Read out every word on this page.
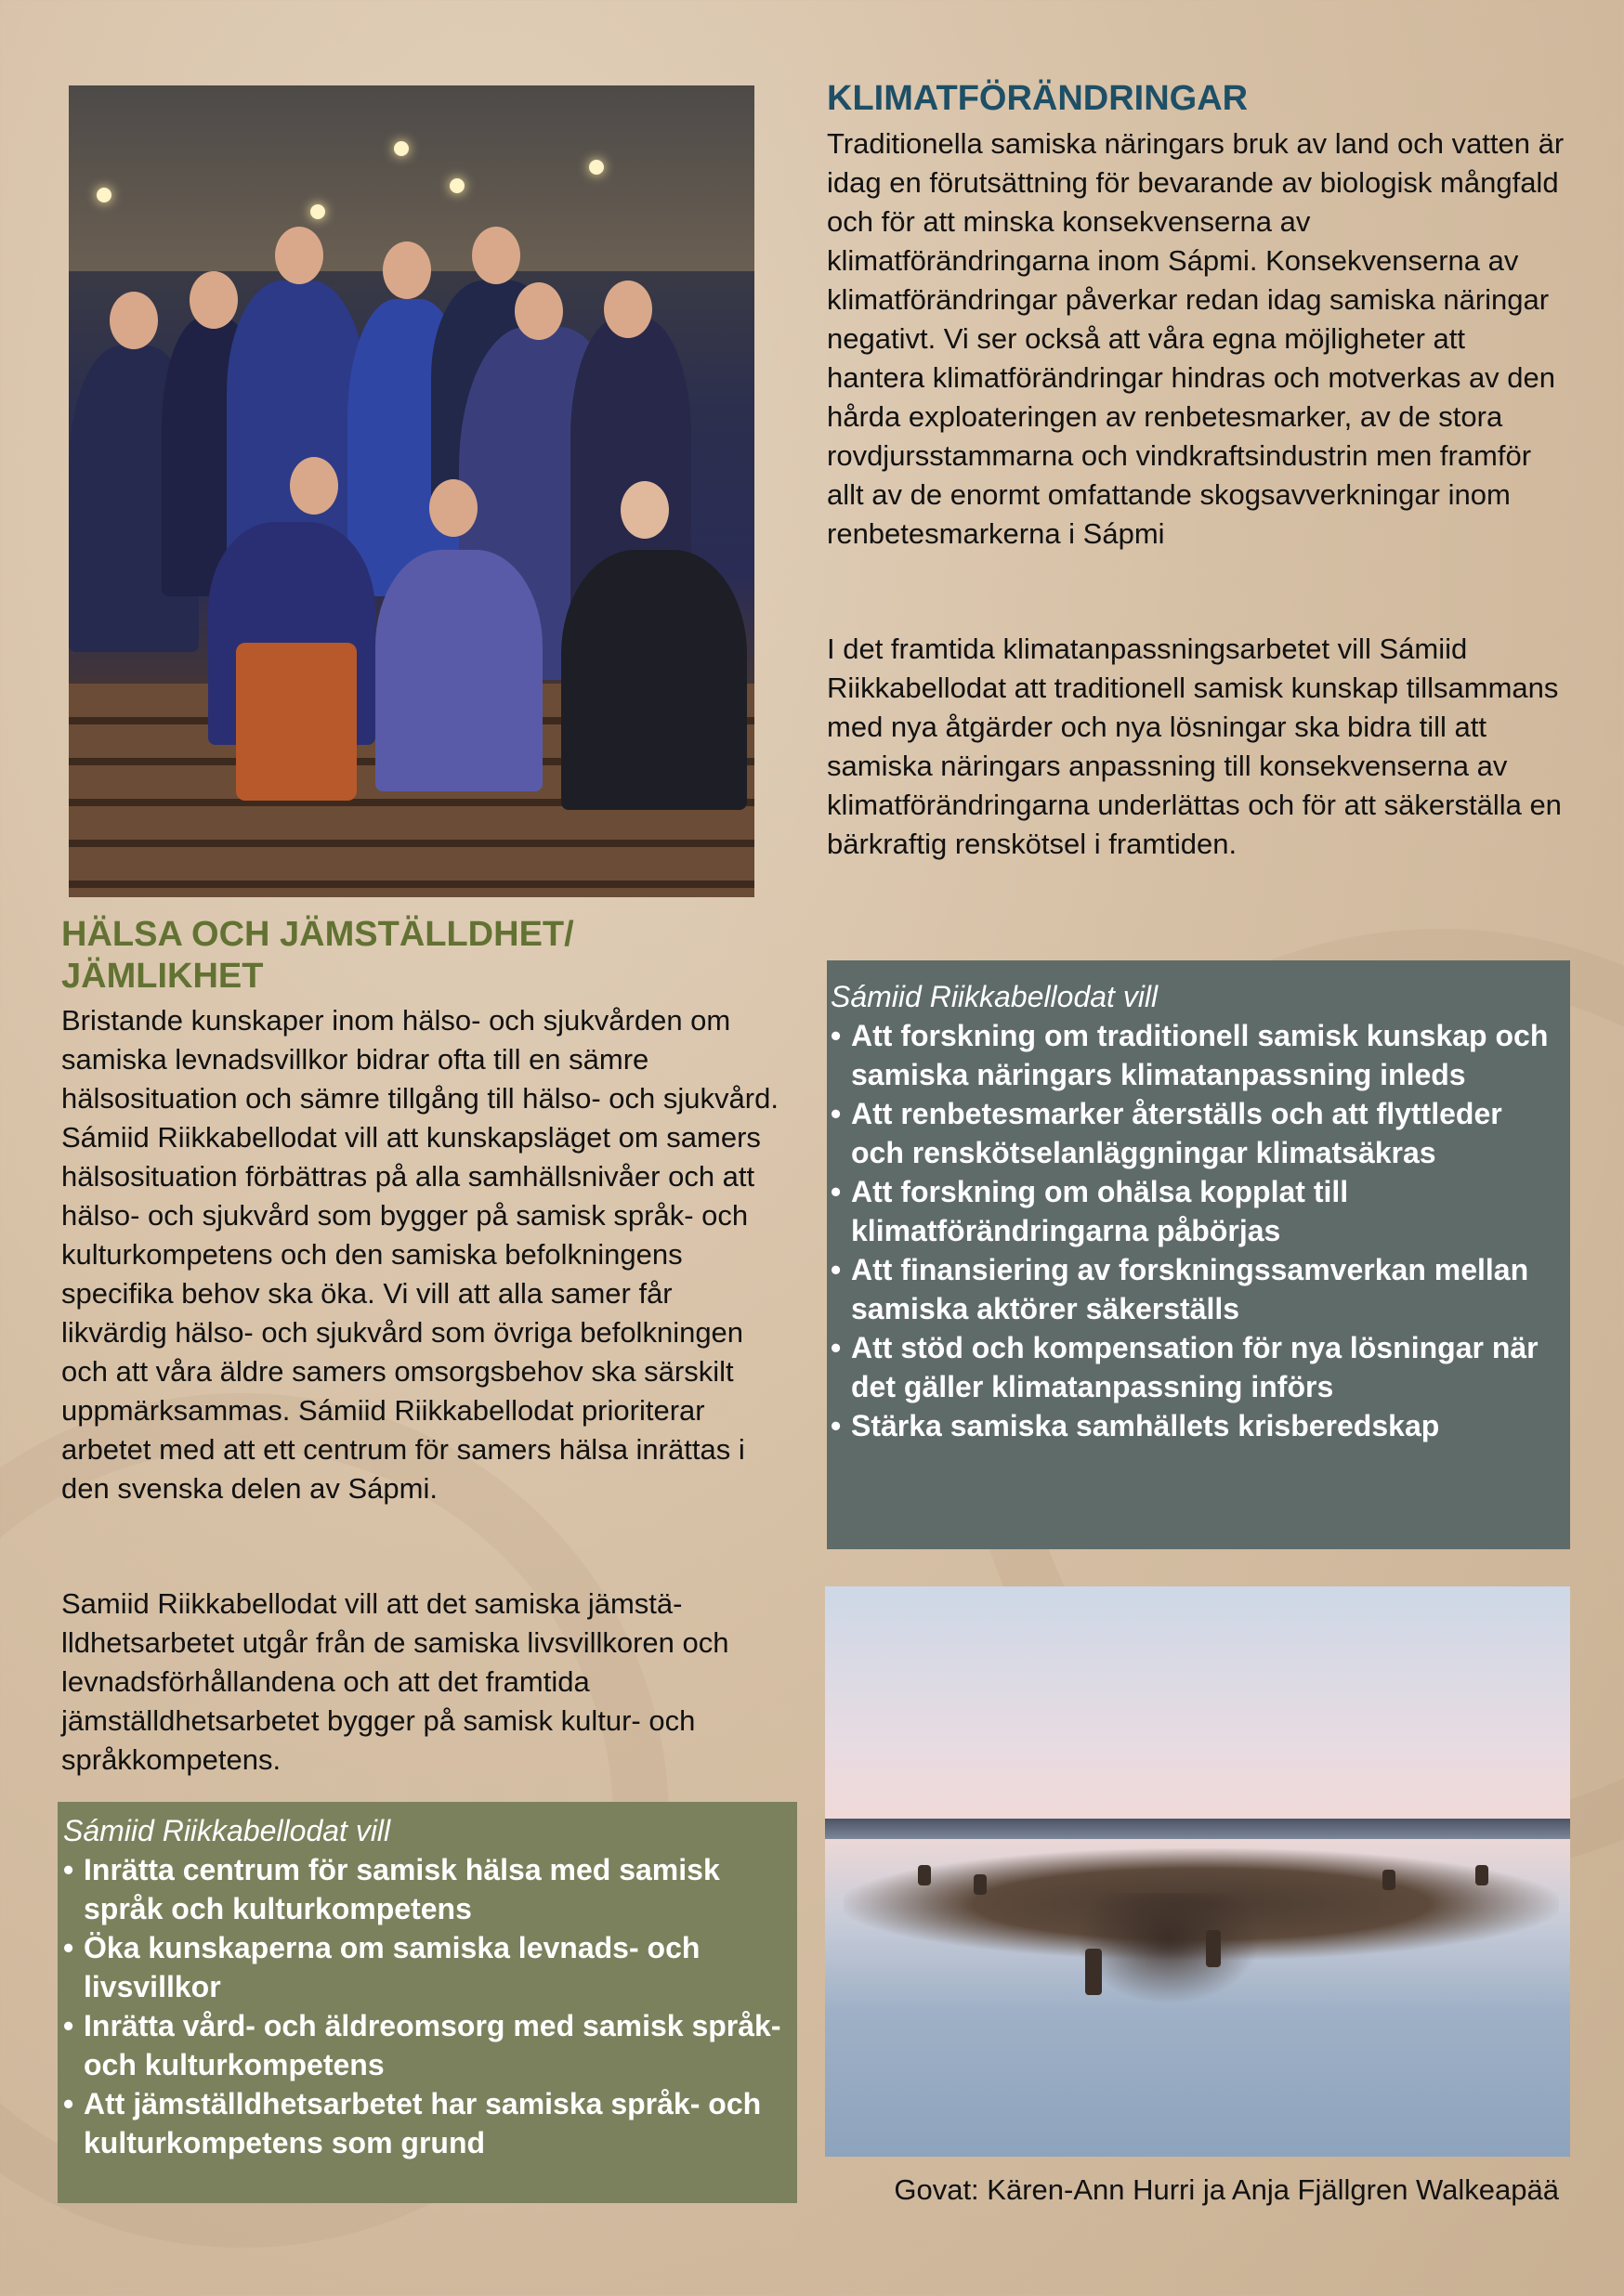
KLIMATFÖRÄNDRINGAR

Traditionella samiska näringars bruk av land och vatten är idag en förutsättning för bevarande av biologisk mångfald och för att minska konsekvenserna av klimatförändringarna inom Sápmi. Konsekvenserna av klimatförändringar påverkar redan idag samiska näringar negativt. Vi ser också att våra egna möjligheter att hantera klimatförändringar hindras och motverkas av den hårda exploateringen av renbetesmarker, av de stora rovdjursstammarna och vindkraftsindustrin men framför allt av de enormt omfattande skogsavverkningar inom renbetesmarkerna i Sápmi

I det framtida klimatanpassningsarbetet vill Sámiid Riikkabellodat att traditionell samisk kunskap tillsammans med nya åtgärder och nya lösningar ska bidra till att samiska näringars anpassning till konsekvenserna av klimatförändringarna underlättas och för att säkerställa en bärkraftig renskötsel i framtiden.

Sámiid Riikkabellodat vill

• Att forskning om traditionell samisk kunskap och samiska näringars klimatanpassning inleds
• Att renbetesmarker återställs och att flyttleder och renskötselanläggningar klimatsäkras
• Att forskning om ohälsa kopplat till klimatförändringarna påbörjas
• Att finansiering av forskningssamverkan mellan samiska aktörer säkerställs
• Att stöd och kompensation för nya lösningar när det gäller klimatanpassning införs
• Stärka samiska samhällets krisberedskap
Govat: Kären-Ann Hurri ja Anja Fjällgren Walkeapää
HÄLSA OCH JÄMSTÄLLDHET/ JÄMLIKHET

Bristande kunskaper inom hälso- och sjukvården om samiska levnadsvillkor bidrar ofta till en sämre hälsosituation och sämre tillgång till hälso- och sjukvård. Sámiid Riikkabellodat vill att kunskapsläget om samers hälsosituation förbättras på alla samhällsnivåer och att hälso- och sjukvård som bygger på samisk språk- och kulturkompetens och den samiska befolkningens specifika behov ska öka. Vi vill att alla samer får likvärdig hälso- och sjukvård som övriga befolkningen och att våra äldre samers omsorgsbehov ska särskilt uppmärksammas. Sámiid Riikkabellodat prioriterar arbetet med att ett centrum för samers hälsa inrättas i den svenska delen av Sápmi.

Samiid Riikkabellodat vill att det samiska jämställdhetsarbetet utgår från de samiska livsvillkoren och levnadsförhållandena och att det framtida jämställdhetsarbetet bygger på samisk kultur- och språkkompetens.

Sámiid Riikkabellodat vill

• Inrätta centrum för samisk hälsa med samisk språk och kulturkompetens
• Öka kunskaperna om samiska levnads- och livsvillkor
• Inrätta vård- och äldreomsorg med samisk språk- och kulturkompetens
• Att jämställdhetsarbetet har samiska språk- och kulturkompetens som grund
